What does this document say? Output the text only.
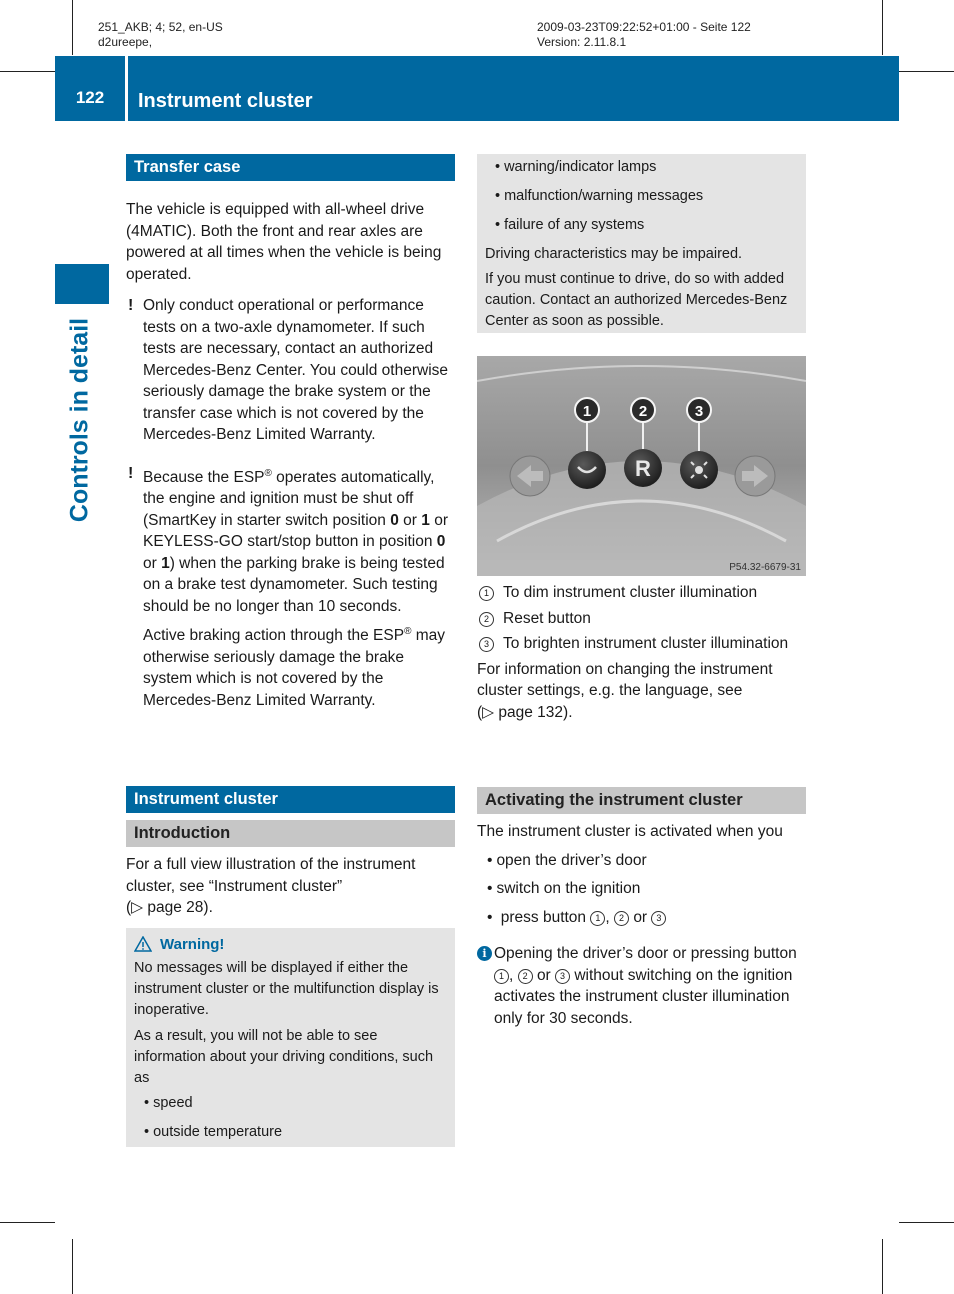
251_AKB; 4; 52, en-US
d2ureepe,
2009-03-23T09:22:52+01:00 - Seite 122
Version: 2.11.8.1
122	Instrument cluster
Controls in detail
Transfer case

The vehicle is equipped with all-wheel drive (4MATIC). Both the front and rear axles are powered at all times when the vehicle is being operated.

! Only conduct operational or performance tests on a two-axle dynamometer. If such tests are necessary, contact an authorized Mercedes-Benz Center. You could otherwise seriously damage the brake system or the transfer case which is not covered by the Mercedes-Benz Limited Warranty.
! Because the ESP® operates automatically, the engine and ignition must be shut off (SmartKey in starter switch position 0 or 1 or KEYLESS-GO start/stop button in position 0 or 1) when the parking brake is being tested on a brake test dynamometer. Such testing should be no longer than 10 seconds.
Active braking action through the ESP® may otherwise seriously damage the brake system which is not covered by the Mercedes-Benz Limited Warranty.
Instrument cluster
Introduction

For a full view illustration of the instrument cluster, see “Instrument cluster”
(▷ page 28).

Warning!

No messages will be displayed if either the instrument cluster or the multifunction display is inoperative.

As a result, you will not be able to see information about your driving conditions, such as

• speed
• outside temperature
• warning/indicator lamps
• malfunction/warning messages
• failure of any systems

Driving characteristics may be impaired.

If you must continue to drive, do so with added caution. Contact an authorized Mercedes-Benz Center as soon as possible.

R
1	2	3
P54.32-6679-31
1 To dim instrument cluster illumination
2 Reset button
3 To brighten instrument cluster illumination

For information on changing the instrument cluster settings, e.g. the language, see
(▷ page 132).

Activating the instrument cluster

The instrument cluster is activated when you

• open the driver’s door
• switch on the ignition
• press button 1 , 2 or 3
i Opening the driver’s door or pressing button 1 , 2 or 3 without switching on the ignition activates the instrument cluster illumination only for 30 seconds.
